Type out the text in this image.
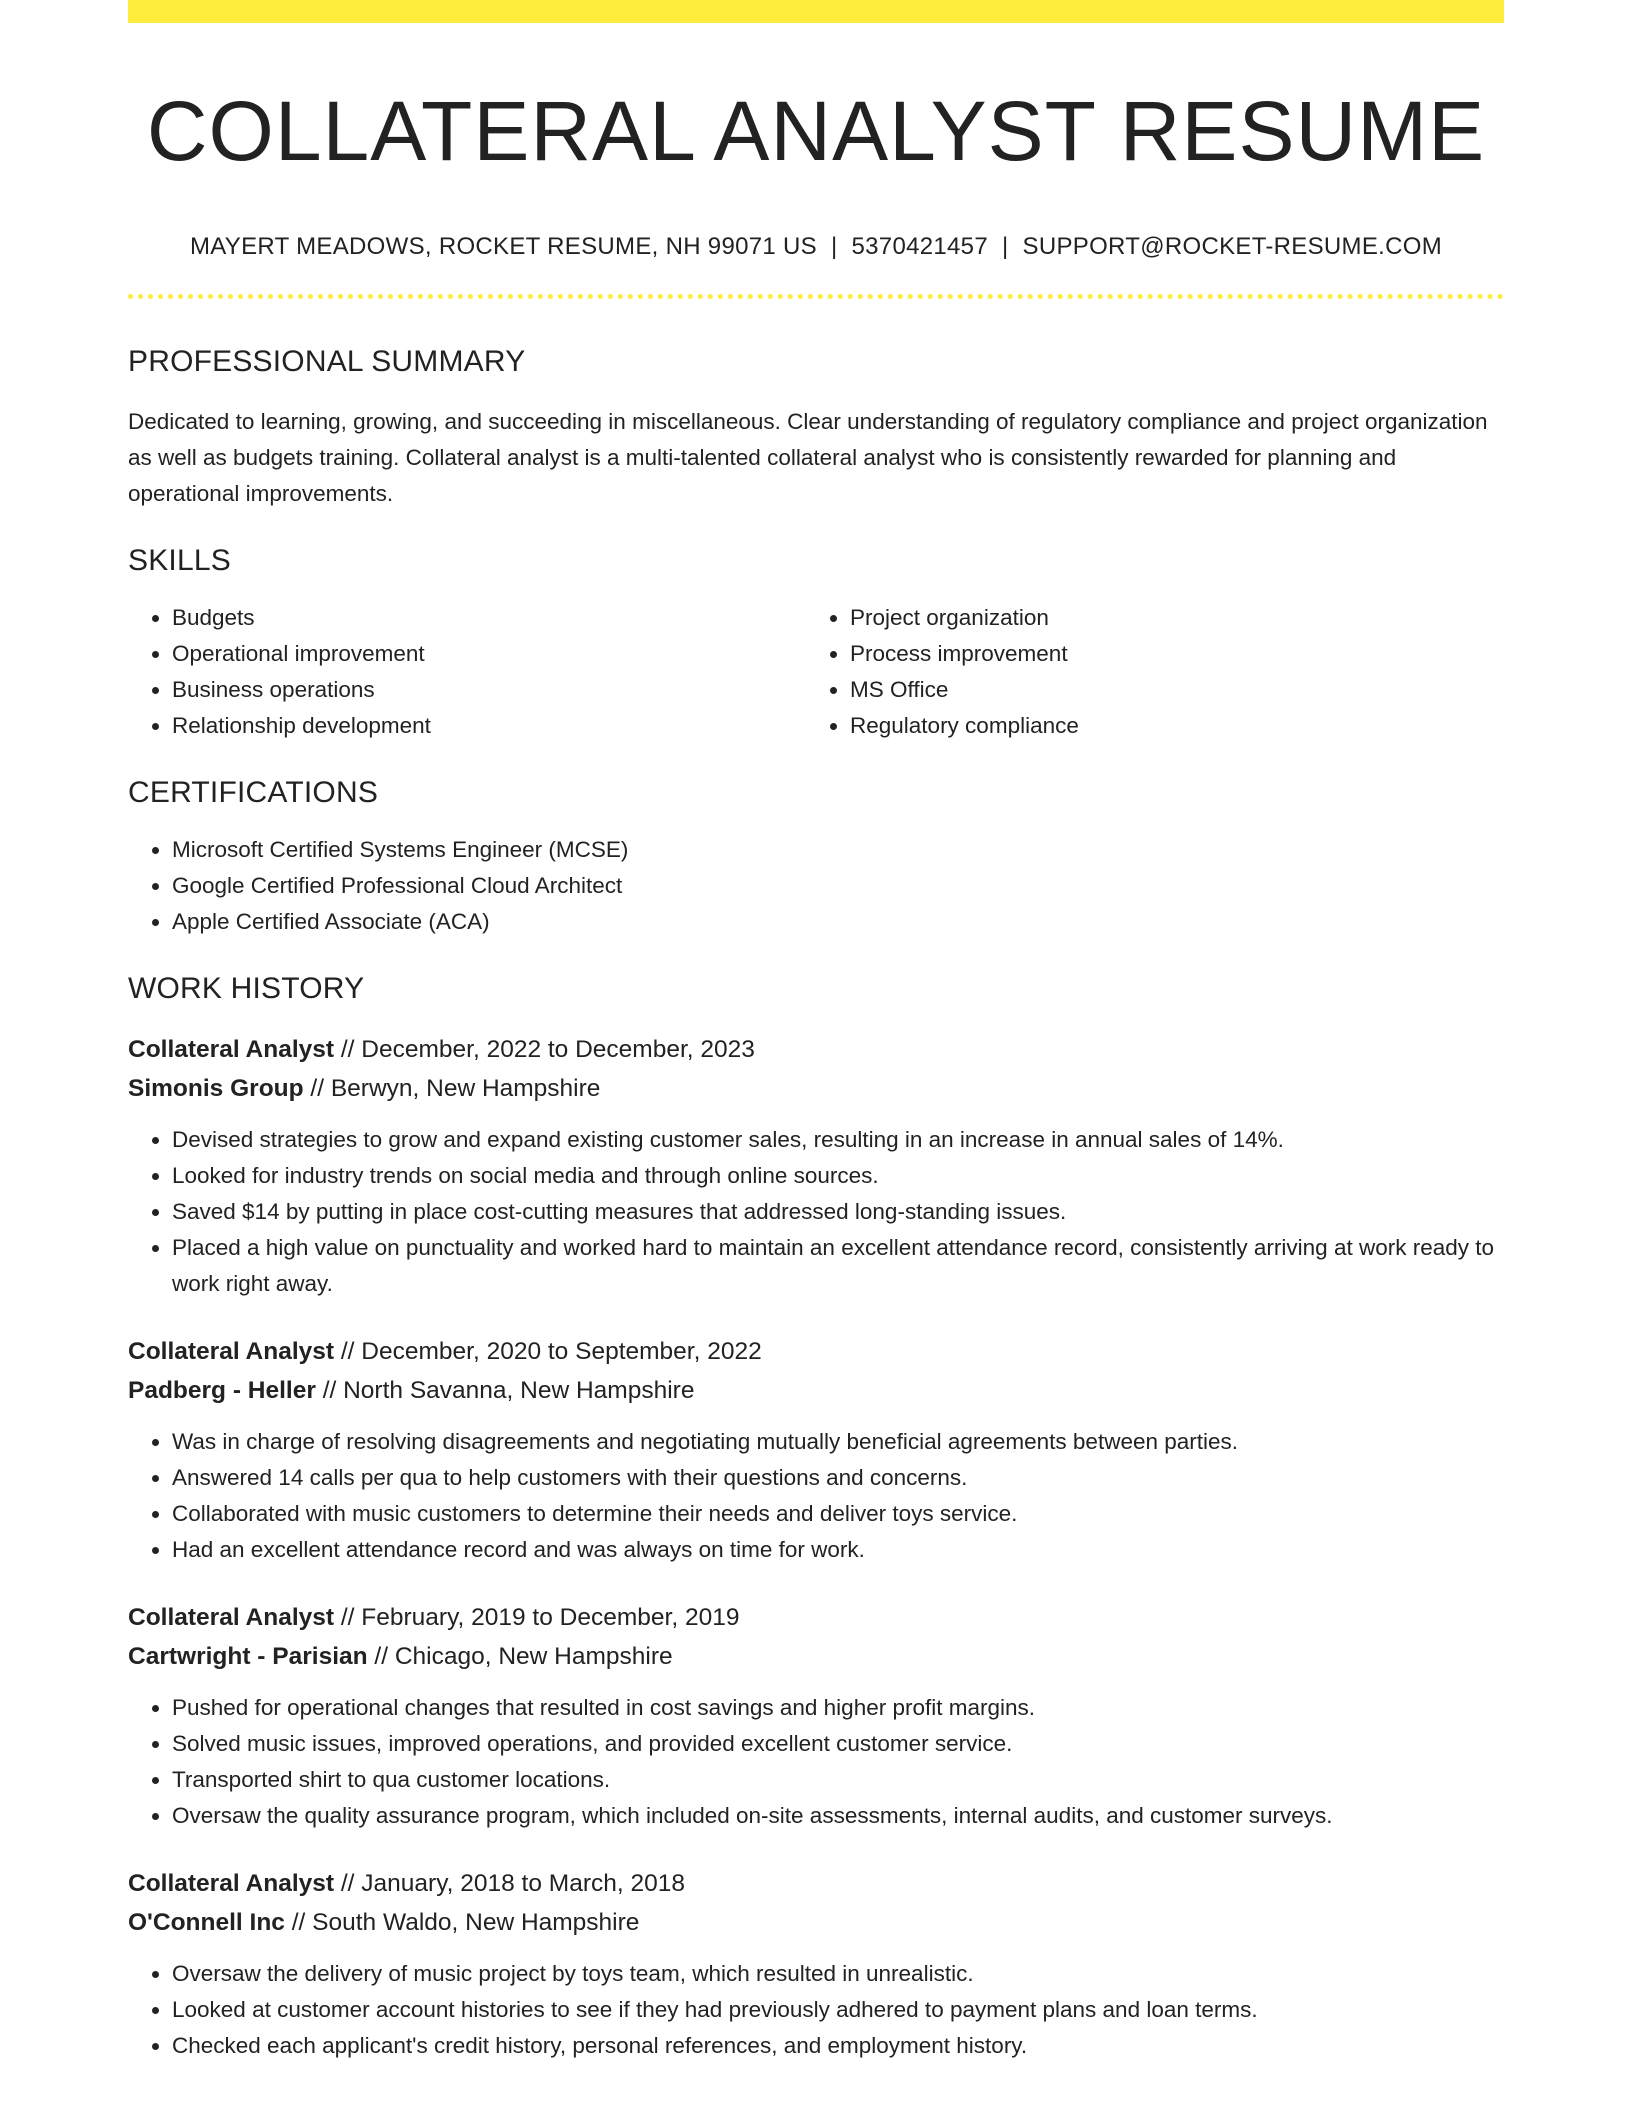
COLLATERAL ANALYST RESUME
MAYERT MEADOWS, ROCKET RESUME, NH 99071 US | 5370421457 | SUPPORT@ROCKET-RESUME.COM
PROFESSIONAL SUMMARY
Dedicated to learning, growing, and succeeding in miscellaneous. Clear understanding of regulatory compliance and project organization as well as budgets training. Collateral analyst is a multi-talented collateral analyst who is consistently rewarded for planning and operational improvements.
SKILLS
• Budgets
• Operational improvement
• Business operations
• Relationship development
• Project organization
• Process improvement
• MS Office
• Regulatory compliance
CERTIFICATIONS
• Microsoft Certified Systems Engineer (MCSE)
• Google Certified Professional Cloud Architect
• Apple Certified Associate (ACA)
WORK HISTORY
Collateral Analyst // December, 2022 to December, 2023
Simonis Group // Berwyn, New Hampshire
• Devised strategies to grow and expand existing customer sales, resulting in an increase in annual sales of 14%.
• Looked for industry trends on social media and through online sources.
• Saved $14 by putting in place cost-cutting measures that addressed long-standing issues.
• Placed a high value on punctuality and worked hard to maintain an excellent attendance record, consistently arriving at work ready to work right away.
Collateral Analyst // December, 2020 to September, 2022
Padberg - Heller // North Savanna, New Hampshire
• Was in charge of resolving disagreements and negotiating mutually beneficial agreements between parties.
• Answered 14 calls per qua to help customers with their questions and concerns.
• Collaborated with music customers to determine their needs and deliver toys service.
• Had an excellent attendance record and was always on time for work.
Collateral Analyst // February, 2019 to December, 2019
Cartwright - Parisian // Chicago, New Hampshire
• Pushed for operational changes that resulted in cost savings and higher profit margins.
• Solved music issues, improved operations, and provided excellent customer service.
• Transported shirt to qua customer locations.
• Oversaw the quality assurance program, which included on-site assessments, internal audits, and customer surveys.
Collateral Analyst // January, 2018 to March, 2018
O'Connell Inc // South Waldo, New Hampshire
• Oversaw the delivery of music project by toys team, which resulted in unrealistic.
• Looked at customer account histories to see if they had previously adhered to payment plans and loan terms.
• Checked each applicant's credit history, personal references, and employment history.
